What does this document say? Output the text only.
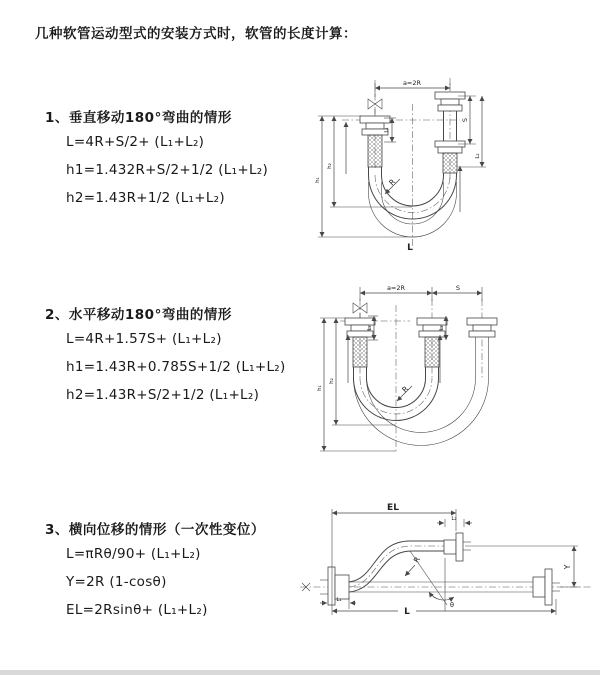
几种软管运动型式的安装方式时，软管的长度计算：
1、垂直移动180°弯曲的情形
L=4R+S/2+ (L₁+L₂)
h1=1.432R+S/2+1/2 (L₁+L₂)
h2=1.43R+1/2 (L₁+L₂)
2、水平移动180°弯曲的情形
L=4R+1.57S+ (L₁+L₂)
h1=1.43R+0.785S+1/2 (L₁+L₂)
h2=1.43R+S/2+1/2 (L₁+L₂)
3、横向位移的情形（一次性变位）
L=πRθ/90+ (L₁+L₂)
Y=2R (1-cosθ)
EL=2Rsinθ+ (L₁+L₂)
a=2R
L₁
h₁
h₂
S
L₂
R
L
a=2R	S
L₁	L₂
h₁
h₂
R
EL
L₂
L₁
Y
L
R
θ
